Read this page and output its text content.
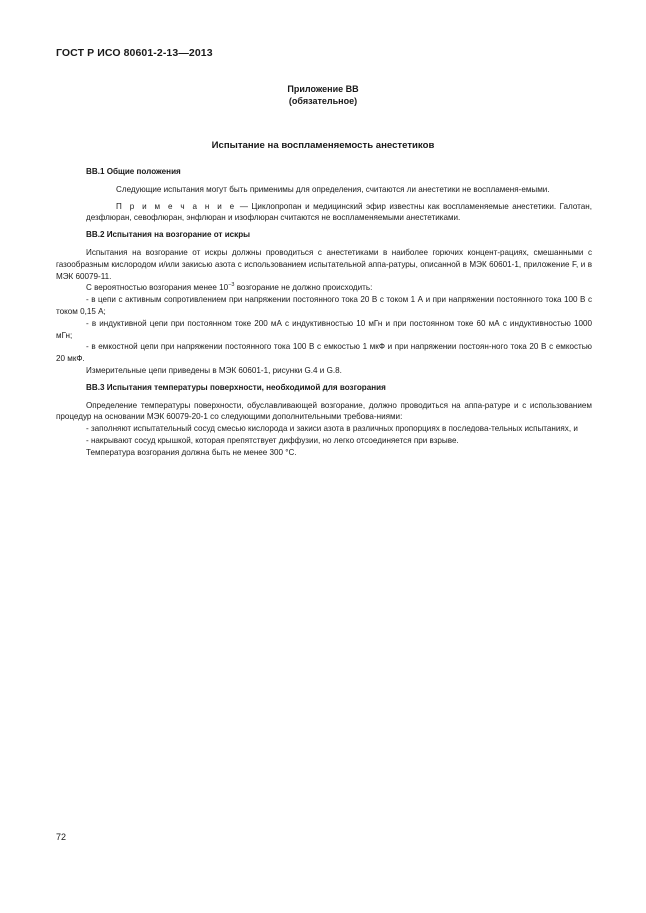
ГОСТ Р ИСО 80601-2-13—2013
Приложение ВВ
(обязательное)
Испытание на воспламеняемость анестетиков

ВВ.1 Общие положения

Следующие испытания могут быть применимы для определения, считаются ли анестетики не воспламеня-емыми.

П р и м е ч а н и е — Циклопропан и медицинский эфир известны как воспламеняемые анестетики. Галотан, дезфлюран, севофлюран, энфлюран и изофлюран считаются не воспламеняемыми анестетиками.

ВВ.2 Испытания на возгорание от искры

Испытания на возгорание от искры должны проводиться с анестетиками в наиболее горючих концент-рациях, смешанными с газообразным кислородом и/или закисью азота с использованием испытательной аппа-ратуры, описанной в МЭК 60601-1, приложение F, и в МЭК 60079-11.

С вероятностью возгорания менее $10^{-3}$ возгорание не должно происходить:

- в цепи с активным сопротивлением при напряжении постоянного тока 20 В с током 1 А и при напряжении постоянного тока 100 В с током 0,15 А;

- в индуктивной цепи при постоянном токе 200 мА с индуктивностью 10 мГн и при постоянном токе 60 мА с индуктивностью 1000 мГн;

- в емкостной цепи при напряжении постоянного тока 100 В с емкостью 1 мкФ и при напряжении постоян-ного тока 20 В с емкостью 20 мкФ.

Измерительные цепи приведены в МЭК 60601-1, рисунки G.4 и G.8.

ВВ.3 Испытания температуры поверхности, необходимой для возгорания

Определение температуры поверхности, обуславливающей возгорание, должно проводиться на аппа-ратуре и с использованием процедур на основании МЭК 60079-20-1 со следующими дополнительными требова-ниями:

- заполняют испытательный сосуд смесью кислорода и закиси азота в различных пропорциях в последова-тельных испытаниях, и

- накрывают сосуд крышкой, которая препятствует диффузии, но легко отсоединяется при взрыве.

Температура возгорания должна быть не менее 300 °С.

72
